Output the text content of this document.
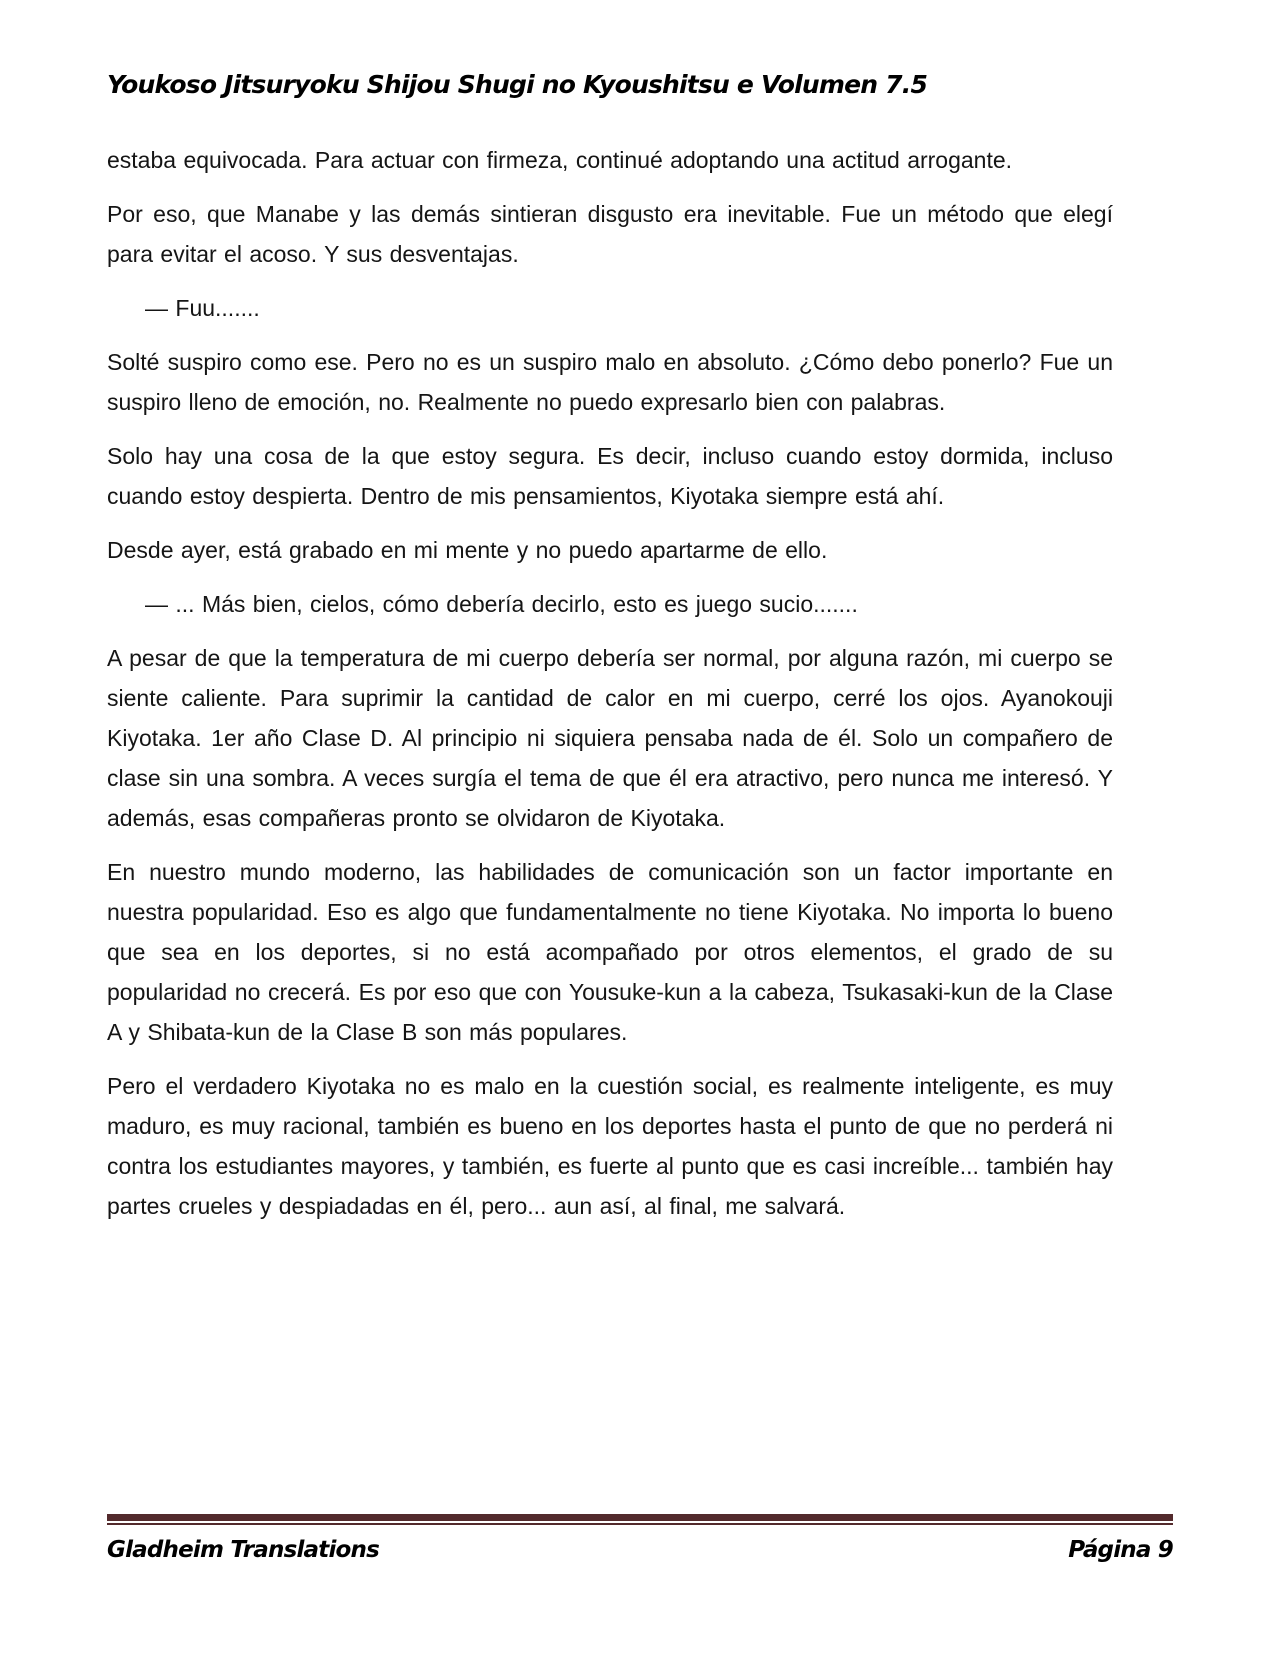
Youkoso Jitsuryoku Shijou Shugi no Kyoushitsu e Volumen 7.5

estaba equivocada. Para actuar con firmeza, continué adoptando una actitud arrogante.

Por eso, que Manabe y las demás sintieran disgusto era inevitable. Fue un método que elegí para evitar el acoso. Y sus desventajas.

— Fuu.......

Solté suspiro como ese. Pero no es un suspiro malo en absoluto. ¿Cómo debo ponerlo? Fue un suspiro lleno de emoción, no. Realmente no puedo expresarlo bien con palabras.

Solo hay una cosa de la que estoy segura. Es decir, incluso cuando estoy dormida, incluso cuando estoy despierta. Dentro de mis pensamientos, Kiyotaka siempre está ahí.

Desde ayer, está grabado en mi mente y no puedo apartarme de ello.

— ... Más bien, cielos, cómo debería decirlo, esto es juego sucio.......

A pesar de que la temperatura de mi cuerpo debería ser normal, por alguna razón, mi cuerpo se siente caliente. Para suprimir la cantidad de calor en mi cuerpo, cerré los ojos. Ayanokouji Kiyotaka. 1er año Clase D. Al principio ni siquiera pensaba nada de él. Solo un compañero de clase sin una sombra. A veces surgía el tema de que él era atractivo, pero nunca me interesó. Y además, esas compañeras pronto se olvidaron de Kiyotaka.

En nuestro mundo moderno, las habilidades de comunicación son un factor importante en nuestra popularidad. Eso es algo que fundamentalmente no tiene Kiyotaka. No importa lo bueno que sea en los deportes, si no está acompañado por otros elementos, el grado de su popularidad no crecerá. Es por eso que con Yousuke-kun a la cabeza, Tsukasaki-kun de la Clase A y Shibata-kun de la Clase B son más populares.

Pero el verdadero Kiyotaka no es malo en la cuestión social, es realmente inteligente, es muy maduro, es muy racional, también es bueno en los deportes hasta el punto de que no perderá ni contra los estudiantes mayores, y también, es fuerte al punto que es casi increíble... también hay partes crueles y despiadadas en él, pero... aun así, al final, me salvará.

Gladheim Translations	Página 9
